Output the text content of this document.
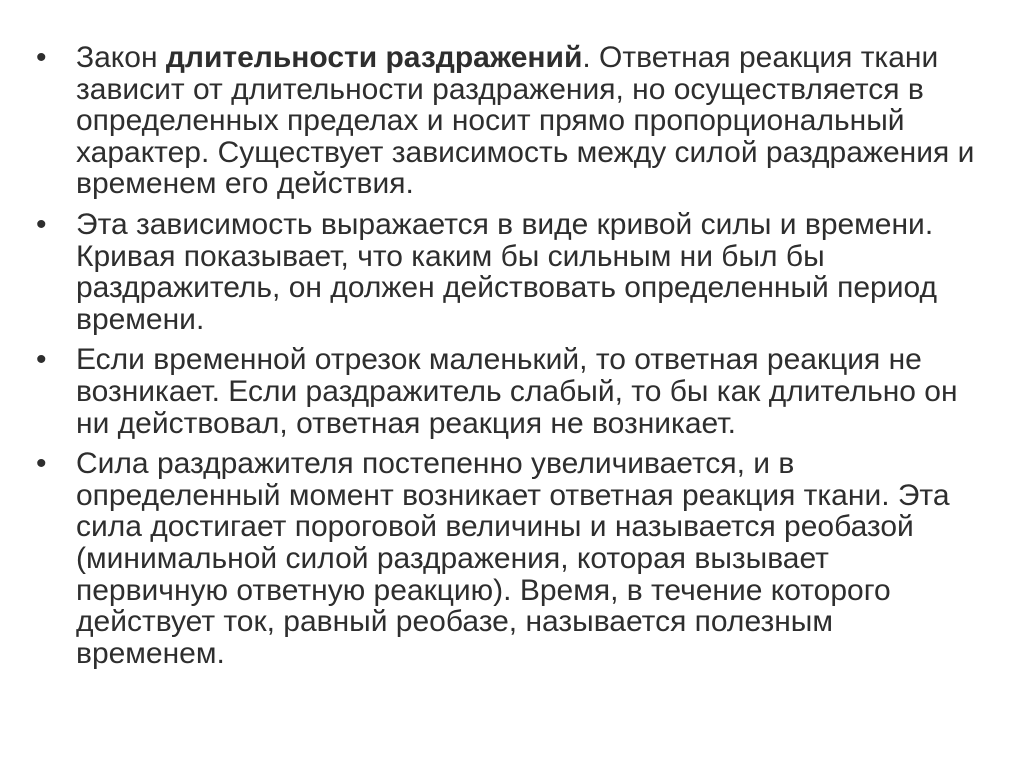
• Закон длительности раздражений. Ответная реакция ткани зависит от длительности раздражения, но осуществляется в определенных пределах и носит прямо пропорциональный характер. Существует зависимость между силой раздражения и временем его действия.
• Эта зависимость выражается в виде кривой силы и времени. Кривая показывает, что каким бы сильным ни был бы раздражитель, он должен действовать определенный период времени.
• Если временной отрезок маленький, то ответная реакция не возникает. Если раздражитель слабый, то бы как длительно он ни действовал, ответная реакция не возникает.
• Сила раздражителя постепенно увеличивается, и в определенный момент возникает ответная реакция ткани. Эта сила достигает пороговой величины и называется реобазой (минимальной силой раздражения, которая вызывает первичную ответную реакцию). Время, в течение которого действует ток, равный реобазе, называется полезным временем.
